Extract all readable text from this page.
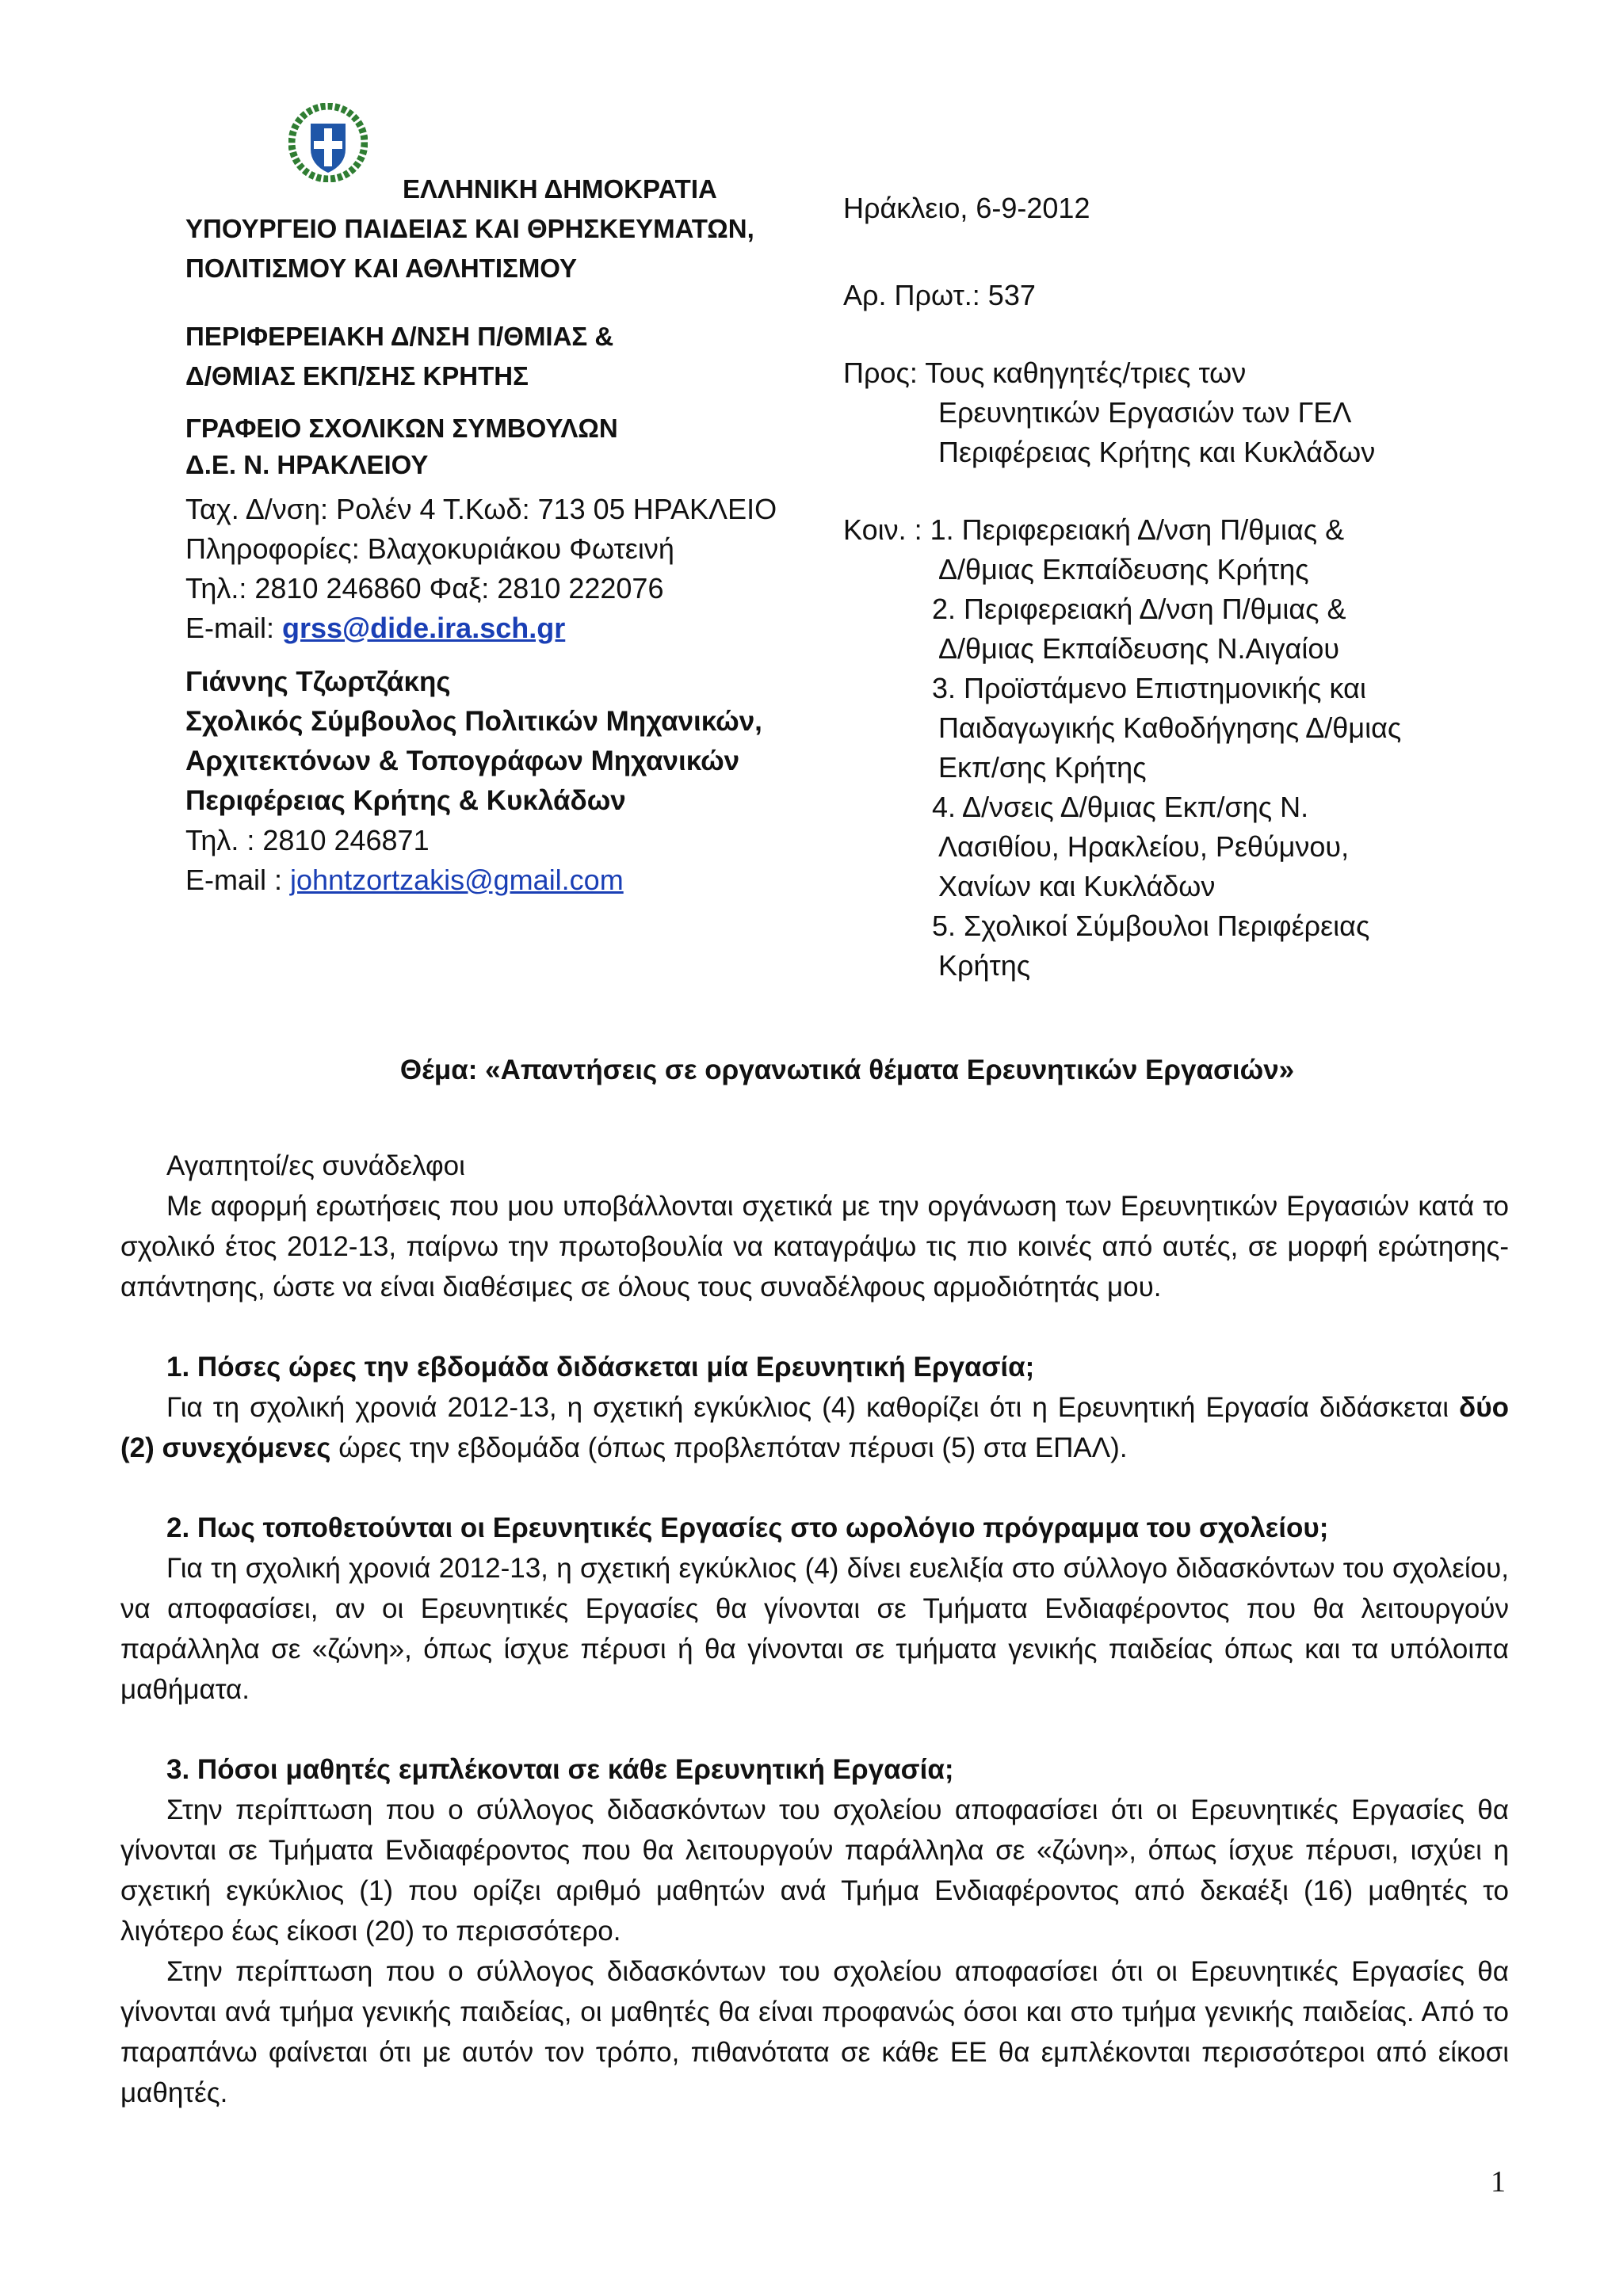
ΕΛΛΗΝΙΚΗ ΔΗΜΟΚΡΑΤΙΑ
ΥΠΟΥΡΓΕΙΟ ΠΑΙΔΕΙΑΣ ΚΑΙ ΘΡΗΣΚΕΥΜΑΤΩΝ,
ΠΟΛΙΤΙΣΜΟΥ ΚΑΙ ΑΘΛΗΤΙΣΜΟΥ
ΠΕΡΙΦΕΡΕΙΑΚΗ Δ/ΝΣΗ Π/ΘΜΙΑΣ &
Δ/ΘΜΙΑΣ ΕΚΠ/ΣΗΣ ΚΡΗΤΗΣ
ΓΡΑΦΕΙΟ ΣΧΟΛΙΚΩΝ ΣΥΜΒΟΥΛΩΝ
Δ.Ε. Ν. ΗΡΑΚΛΕΙΟΥ
Ταχ. Δ/νση: Ρολέν 4 Τ.Κωδ: 713 05 ΗΡΑΚΛΕΙΟ
Πληροφορίες: Βλαχοκυριάκου Φωτεινή
Τηλ.: 2810 246860 Φαξ: 2810 222076
E-mail: grss@dide.ira.sch.gr
Γιάννης Τζωρτζάκης
Σχολικός Σύμβουλος Πολιτικών Μηχανικών,
Αρχιτεκτόνων & Τοπογράφων Μηχανικών
Περιφέρειας Κρήτης & Κυκλάδων
Τηλ. : 2810 246871
E-mail : johntzortzakis@gmail.com
Ηράκλειο, 6-9-2012
Αρ. Πρωτ.: 537
Προς: Τους καθηγητές/τριες των
Ερευνητικών Εργασιών των ΓΕΛ
Περιφέρειας Κρήτης και Κυκλάδων
Κοιν. : 1. Περιφερειακή Δ/νση Π/θμιας &
Δ/θμιας Εκπαίδευσης Κρήτης
2. Περιφερειακή Δ/νση Π/θμιας &
Δ/θμιας Εκπαίδευσης Ν.Αιγαίου
3. Προϊστάμενο Επιστημονικής και
Παιδαγωγικής Καθοδήγησης Δ/θμιας
Εκπ/σης Κρήτης
4. Δ/νσεις Δ/θμιας Εκπ/σης Ν.
Λασιθίου, Ηρακλείου, Ρεθύμνου,
Χανίων και Κυκλάδων
5. Σχολικοί Σύμβουλοι Περιφέρειας
Κρήτης
Θέμα: «Απαντήσεις σε οργανωτικά θέματα Ερευνητικών Εργασιών»

Αγαπητοί/ες συνάδελφοι

Με αφορμή ερωτήσεις που μου υποβάλλονται σχετικά με την οργάνωση των Ερευνητικών Εργασιών κατά το σχολικό έτος 2012-13, παίρνω την πρωτοβουλία να καταγράψω τις πιο κοινές από αυτές, σε μορφή ερώτησης-απάντησης, ώστε να είναι διαθέσιμες σε όλους τους συναδέλφους αρμοδιότητάς μου.

1. Πόσες ώρες την εβδομάδα διδάσκεται μία Ερευνητική Εργασία;

Για τη σχολική χρονιά 2012-13, η σχετική εγκύκλιος (4) καθορίζει ότι η Ερευνητική Εργασία διδάσκεται δύο (2) συνεχόμενες ώρες την εβδομάδα (όπως προβλεπόταν πέρυσι (5) στα ΕΠΑΛ).

2. Πως τοποθετούνται οι Ερευνητικές Εργασίες στο ωρολόγιο πρόγραμμα του σχολείου;

Για τη σχολική χρονιά 2012-13, η σχετική εγκύκλιος (4) δίνει ευελιξία στο σύλλογο διδασκόντων του σχολείου, να αποφασίσει, αν οι Ερευνητικές Εργασίες θα γίνονται σε Τμήματα Ενδιαφέροντος που θα λειτουργούν παράλληλα σε «ζώνη», όπως ίσχυε πέρυσι ή θα γίνονται σε τμήματα γενικής παιδείας όπως και τα υπόλοιπα μαθήματα.

3. Πόσοι μαθητές εμπλέκονται σε κάθε Ερευνητική Εργασία;

Στην περίπτωση που ο σύλλογος διδασκόντων του σχολείου αποφασίσει ότι οι Ερευνητικές Εργασίες θα γίνονται σε Τμήματα Ενδιαφέροντος που θα λειτουργούν παράλληλα σε «ζώνη», όπως ίσχυε πέρυσι, ισχύει η σχετική εγκύκλιος (1) που ορίζει αριθμό μαθητών ανά Τμήμα Ενδιαφέροντος από δεκαέξι (16) μαθητές το λιγότερο έως είκοσι (20) το περισσότερο.

Στην περίπτωση που ο σύλλογος διδασκόντων του σχολείου αποφασίσει ότι οι Ερευνητικές Εργασίες θα γίνονται ανά τμήμα γενικής παιδείας, οι μαθητές θα είναι προφανώς όσοι και στο τμήμα γενικής παιδείας. Από το παραπάνω φαίνεται ότι με αυτόν τον τρόπο, πιθανότατα σε κάθε ΕΕ θα εμπλέκονται περισσότεροι από είκοσι μαθητές.

1
